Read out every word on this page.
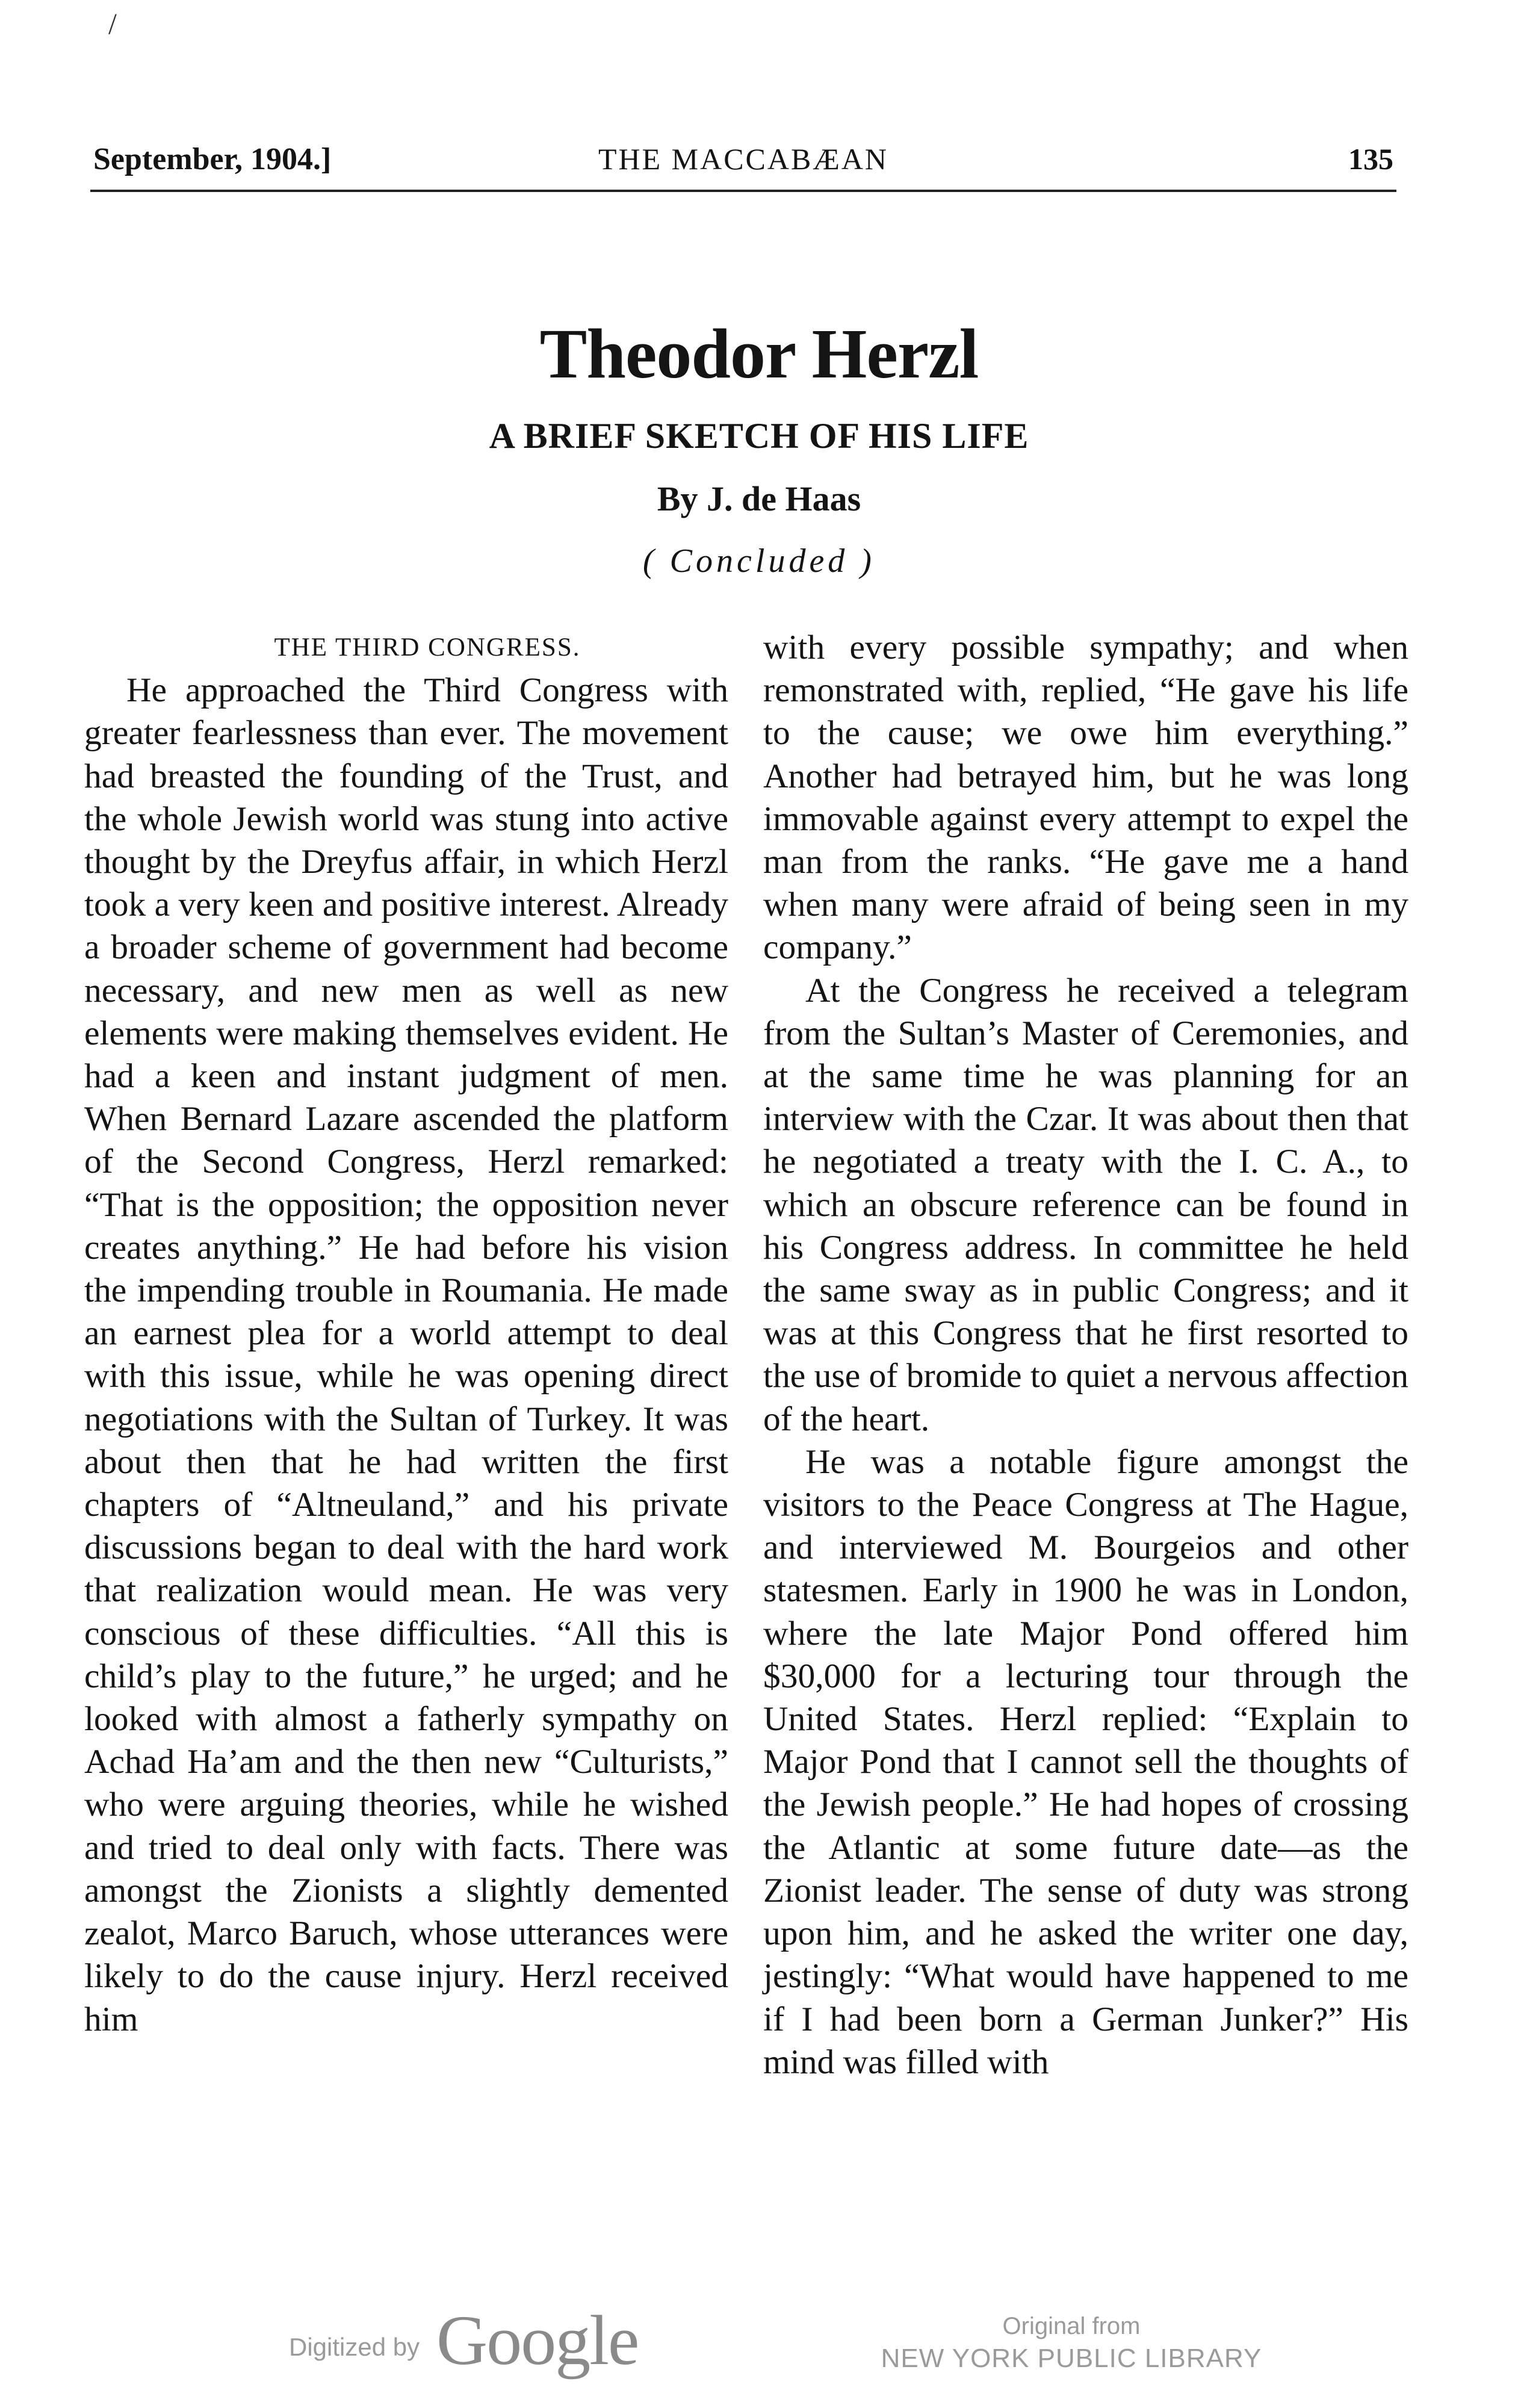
/
September, 1904.]	THE MACCABÆAN	135
Theodor Herzl
A BRIEF SKETCH OF HIS LIFE
By J. de Haas
( Concluded )

THE THIRD CONGRESS.

He approached the Third Congress with greater fearlessness than ever. The movement had breasted the founding of the Trust, and the whole Jewish world was stung into active thought by the Dreyfus affair, in which Herzl took a very keen and positive interest. Already a broader scheme of government had become necessary, and new men as well as new elements were making themselves evident. He had a keen and instant judgment of men. When Bernard Lazare ascended the platform of the Second Congress, Herzl remarked: “That is the opposition; the opposition never creates anything.” He had before his vision the impending trouble in Roumania. He made an earnest plea for a world attempt to deal with this issue, while he was opening direct negotiations with the Sultan of Turkey. It was about then that he had written the first chapters of “Altneuland,” and his private discussions began to deal with the hard work that realization would mean. He was very conscious of these difficulties. “All this is child’s play to the future,” he urged; and he looked with almost a fatherly sympathy on Achad Ha’am and the then new “Culturists,” who were arguing theories, while he wished and tried to deal only with facts. There was amongst the Zionists a slightly demented zealot, Marco Baruch, whose utterances were likely to do the cause injury. Herzl received him

with every possible sympathy; and when remonstrated with, replied, “He gave his life to the cause; we owe him everything.” Another had betrayed him, but he was long immovable against every attempt to expel the man from the ranks. “He gave me a hand when many were afraid of being seen in my company.”

At the Congress he received a telegram from the Sultan’s Master of Ceremonies, and at the same time he was planning for an interview with the Czar. It was about then that he negotiated a treaty with the I. C. A., to which an obscure reference can be found in his Congress address. In committee he held the same sway as in public Congress; and it was at this Congress that he first resorted to the use of bromide to quiet a nervous affection of the heart.

He was a notable figure amongst the visitors to the Peace Congress at The Hague, and interviewed M. Bourgeios and other statesmen. Early in 1900 he was in London, where the late Major Pond offered him $30,000 for a lecturing tour through the United States. Herzl replied: “Explain to Major Pond that I cannot sell the thoughts of the Jewish people.” He had hopes of crossing the Atlantic at some future date—as the Zionist leader. The sense of duty was strong upon him, and he asked the writer one day, jestingly: “What would have happened to me if I had been born a German Junker?” His mind was filled with

Digitized by Google	Original from
NEW YORK PUBLIC LIBRARY
